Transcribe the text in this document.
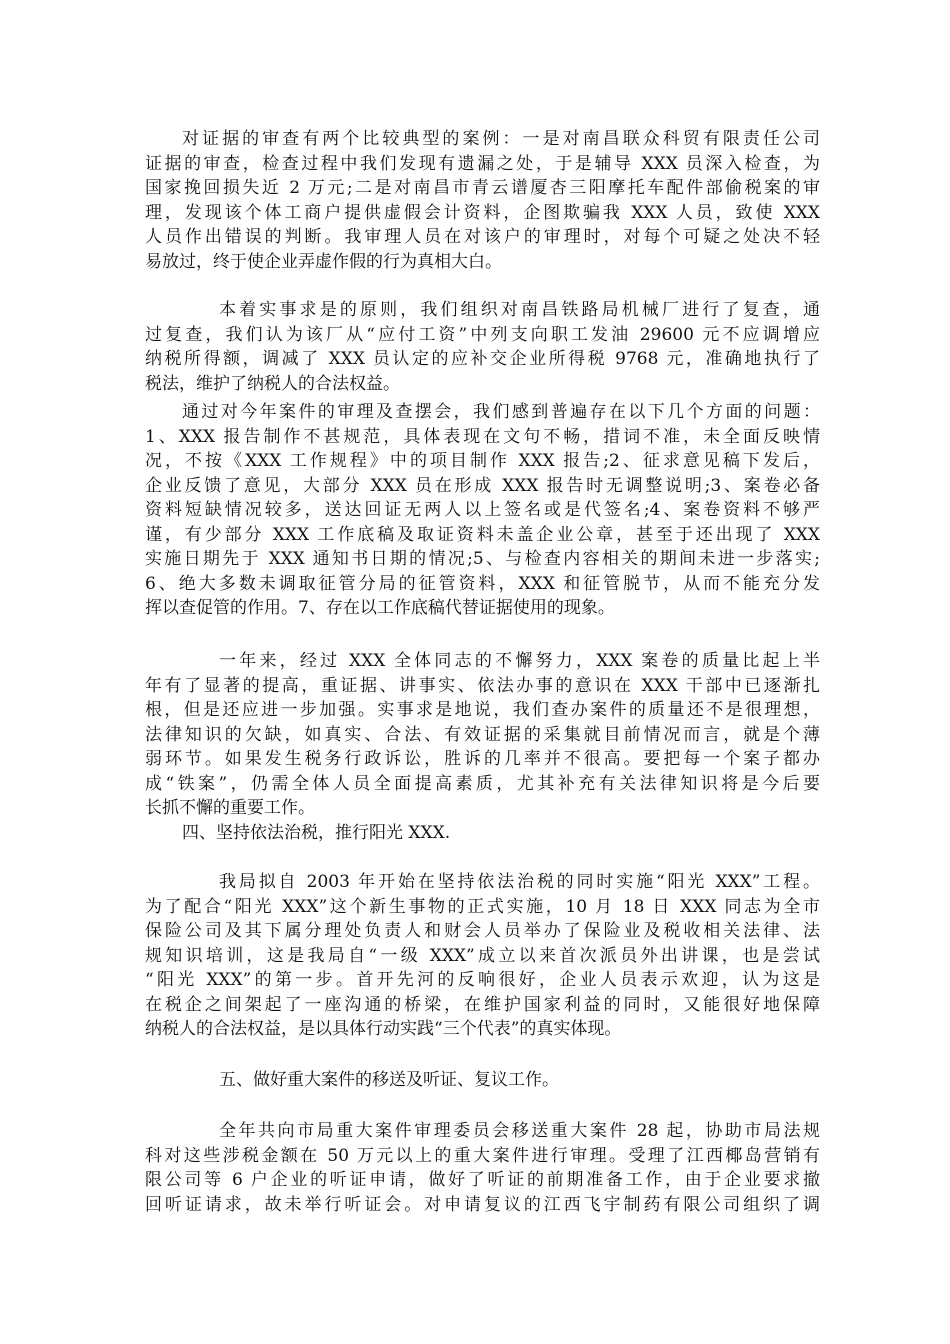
对证据的审查有两个比较典型的案例：一是对南昌联众科贸有限责任公司
证据的审查，检查过程中我们发现有遗漏之处，于是辅导 XXX 员深入检查，为
国家挽回损失近 2 万元;二是对南昌市青云谱厦杏三阳摩托车配件部偷税案的审
理，发现该个体工商户提供虚假会计资料，企图欺骗我 XXX 人员，致使 XXX
人员作出错误的判断。我审理人员在对该户的审理时，对每个可疑之处决不轻
易放过，终于使企业弄虚作假的行为真相大白。
本着实事求是的原则，我们组织对南昌铁路局机械厂进行了复查，通
过复查，我们认为该厂从“应付工资”中列支向职工发油 29600 元不应调增应
纳税所得额，调减了 XXX 员认定的应补交企业所得税 9768 元，准确地执行了
税法，维护了纳税人的合法权益。
通过对今年案件的审理及查摆会，我们感到普遍存在以下几个方面的问题：
1、XXX 报告制作不甚规范，具体表现在文句不畅，措词不准，未全面反映情
况，不按《XXX 工作规程》中的项目制作 XXX 报告;2、征求意见稿下发后，
企业反馈了意见，大部分 XXX 员在形成 XXX 报告时无调整说明;3、案卷必备
资料短缺情况较多，送达回证无两人以上签名或是代签名;4、案卷资料不够严
谨，有少部分 XXX 工作底稿及取证资料未盖企业公章，甚至于还出现了 XXX
实施日期先于 XXX 通知书日期的情况;5、与检查内容相关的期间未进一步落实;
6、绝大多数未调取征管分局的征管资料，XXX 和征管脱节，从而不能充分发
挥以查促管的作用。7、存在以工作底稿代替证据使用的现象。
一年来，经过 XXX 全体同志的不懈努力，XXX 案卷的质量比起上半
年有了显著的提高，重证据、讲事实、依法办事的意识在 XXX 干部中已逐渐扎
根，但是还应进一步加强。实事求是地说，我们查办案件的质量还不是很理想，
法律知识的欠缺，如真实、合法、有效证据的采集就目前情况而言，就是个薄
弱环节。如果发生税务行政诉讼，胜诉的几率并不很高。要把每一个案子都办
成“铁案”，仍需全体人员全面提高素质，尤其补充有关法律知识将是今后要
长抓不懈的重要工作。
四、坚持依法治税，推行阳光 XXX.
我局拟自 2003 年开始在坚持依法治税的同时实施“阳光 XXX”工程。
为了配合“阳光 XXX”这个新生事物的正式实施，10 月 18 日 XXX 同志为全市
保险公司及其下属分理处负责人和财会人员举办了保险业及税收相关法律、法
规知识培训，这是我局自“一级 XXX”成立以来首次派员外出讲课，也是尝试
“阳光 XXX”的第一步。首开先河的反响很好，企业人员表示欢迎，认为这是
在税企之间架起了一座沟通的桥梁，在维护国家利益的同时，又能很好地保障
纳税人的合法权益，是以具体行动实践“三个代表”的真实体现。
五、做好重大案件的移送及听证、复议工作。
全年共向市局重大案件审理委员会移送重大案件 28 起，协助市局法规
科对这些涉税金额在 50 万元以上的重大案件进行审理。受理了江西椰岛营销有
限公司等 6 户企业的听证申请，做好了听证的前期准备工作，由于企业要求撤
回听证请求，故未举行听证会。对申请复议的江西飞宇制药有限公司组织了调
